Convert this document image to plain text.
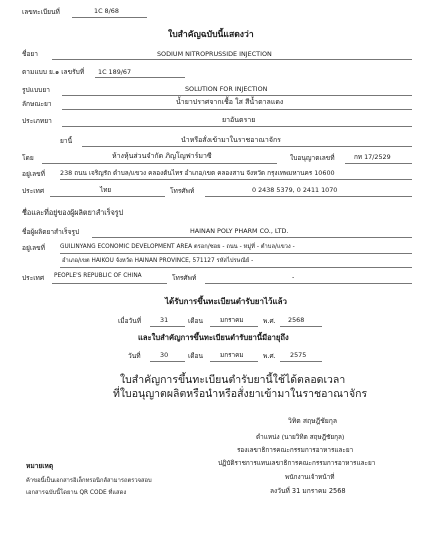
เลขทะเบียนที่	1C 8/68
ใบสำคัญฉบับนี้แสดงว่า
ชื่อยา	SODIUM NITROPRUSSIDE INJECTION
ตามแบบ ย.๑ เลขรับที่ 1C 189/67
รูปแบบยา	SOLUTION FOR INJECTION
ลักษณะยา	น้ำยาปราศจากเชื้อ ใส สีน้ำตาลแดง
ประเภทยา	ยาอันตราย
ยานี้	นำหรือสั่งเข้ามาในราชอาณาจักร
โดย	ห้างหุ้นส่วนจำกัด ภิญโญฟาร์มาซี	ใบอนุญาตเลขที่	กท 17/2529
อยู่เลขที่ 238 ถนน เจริญรัถ ตำบล/แขวง คลองต้นไทร อำเภอ/เขต คลองสาน จังหวัด กรุงเทพมหานคร 10600
ประเทศ	ไทย	โทรศัพท์	0 2438 5379, 0 2411 1070
ชื่อและที่อยู่ของผู้ผลิตยาสำเร็จรูป
ชื่อผู้ผลิตยาสำเร็จรูป	HAINAN POLY PHARM CO., LTD.
อยู่เลขที่	GUILINYANG ECONOMIC DEVELOPMENT AREA ตรอก/ซอย - ถนน - หมู่ที่ - ตำบล/แขวง -
อำเภอ/เขต HAIKOU จังหวัด HAINAN PROVINCE, 571127 รหัสไปรษณีย์ -
ประเทศ PEOPLE'S REPUBLIC OF CHINA	โทรศัพท์	-
ได้รับการขึ้นทะเบียนตำรับยาไว้แล้ว
เมื่อวันที่	31	เดือน	มกราคม	พ.ศ. 2568
และใบสำคัญการขึ้นทะเบียนตำรับยานี้มีอายุถึง
วันที่	30	เดือน	มกราคม	พ.ศ. 2575
ใบสำคัญการขึ้นทะเบียนตำรับยานี้ใช้ได้ตลอดเวลา
ที่ใบอนุญาตผลิตหรือนำหรือสั่งยาเข้ามาในราชอาณาจักร
วิทิต สฤษฎีชัยกุล
ตำแหน่ง (นายวิทิต สฤษฎีชัยกุล)
รองเลขาธิการคณะกรรมการอาหารและยา
ปฏิบัติราชการแทนเลขาธิการคณะกรรมการอาหารและยา
พนักงานเจ้าหน้าที่
ลงวันที่ 31 มกราคม 2568
หมายเหตุ
ค้าขอนี้เป็นเอกสารอิเล็กทรอนิกส์สามารถตรวจสอบ
เอกสารฉบับนี้โดยาน QR CODE ที่แสดง
